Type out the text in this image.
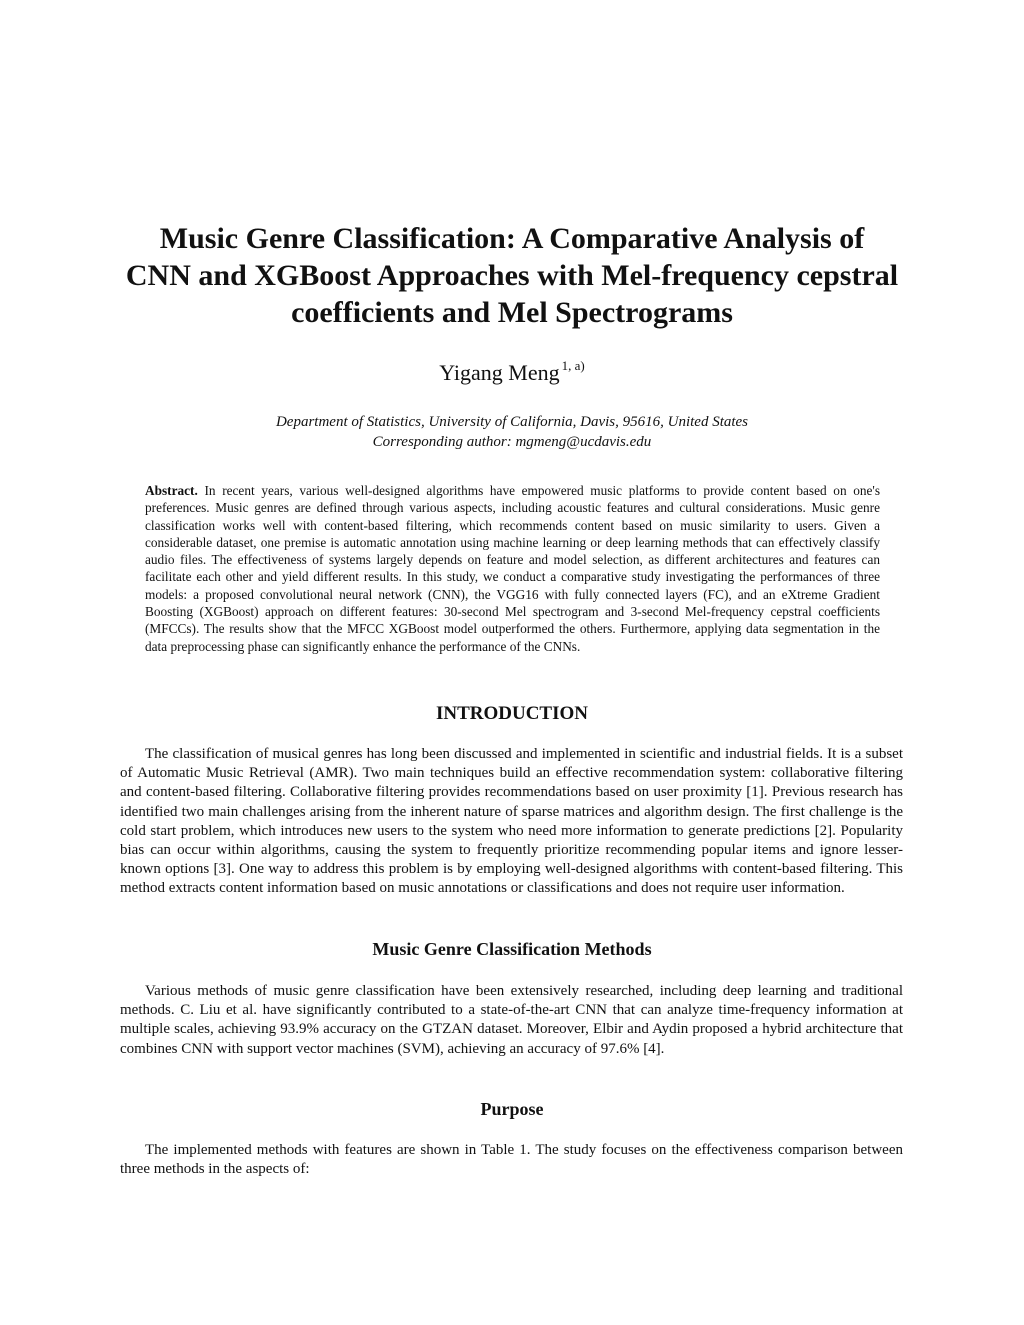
Music Genre Classification: A Comparative Analysis of
CNN and XGBoost Approaches with Mel-frequency cepstral
coefficients and Mel Spectrograms
Yigang Meng $^{1, a)}$
Department of Statistics, University of California, Davis, 95616, United States
Corresponding author: mgmeng@ucdavis.edu
Abstract. In recent years, various well-designed algorithms have empowered music platforms to provide content based on one's preferences. Music genres are defined through various aspects, including acoustic features and cultural considerations. Music genre classification works well with content-based filtering, which recommends content based on music similarity to users. Given a considerable dataset, one premise is automatic annotation using machine learning or deep learning methods that can effectively classify audio files. The effectiveness of systems largely depends on feature and model selection, as different architectures and features can facilitate each other and yield different results. In this study, we conduct a comparative study investigating the performances of three models: a proposed convolutional neural network (CNN), the VGG16 with fully connected layers (FC), and an eXtreme Gradient Boosting (XGBoost) approach on different features: 30-second Mel spectrogram and 3-second Mel-frequency cepstral coefficients (MFCCs). The results show that the MFCC XGBoost model outperformed the others. Furthermore, applying data segmentation in the data preprocessing phase can significantly enhance the performance of the CNNs.
INTRODUCTION

The classification of musical genres has long been discussed and implemented in scientific and industrial fields. It is a subset of Automatic Music Retrieval (AMR). Two main techniques build an effective recommendation system: collaborative filtering and content-based filtering. Collaborative filtering provides recommendations based on user proximity [1]. Previous research has identified two main challenges arising from the inherent nature of sparse matrices and algorithm design. The first challenge is the cold start problem, which introduces new users to the system who need more information to generate predictions [2]. Popularity bias can occur within algorithms, causing the system to frequently prioritize recommending popular items and ignore lesser-known options [3]. One way to address this problem is by employing well-designed algorithms with content-based filtering. This method extracts content information based on music annotations or classifications and does not require user information.

Music Genre Classification Methods

Various methods of music genre classification have been extensively researched, including deep learning and traditional methods. C. Liu et al. have significantly contributed to a state-of-the-art CNN that can analyze time-frequency information at multiple scales, achieving 93.9% accuracy on the GTZAN dataset. Moreover, Elbir and Aydin proposed a hybrid architecture that combines CNN with support vector machines (SVM), achieving an accuracy of 97.6% [4].

Purpose

The implemented methods with features are shown in Table 1. The study focuses on the effectiveness comparison between three methods in the aspects of:
